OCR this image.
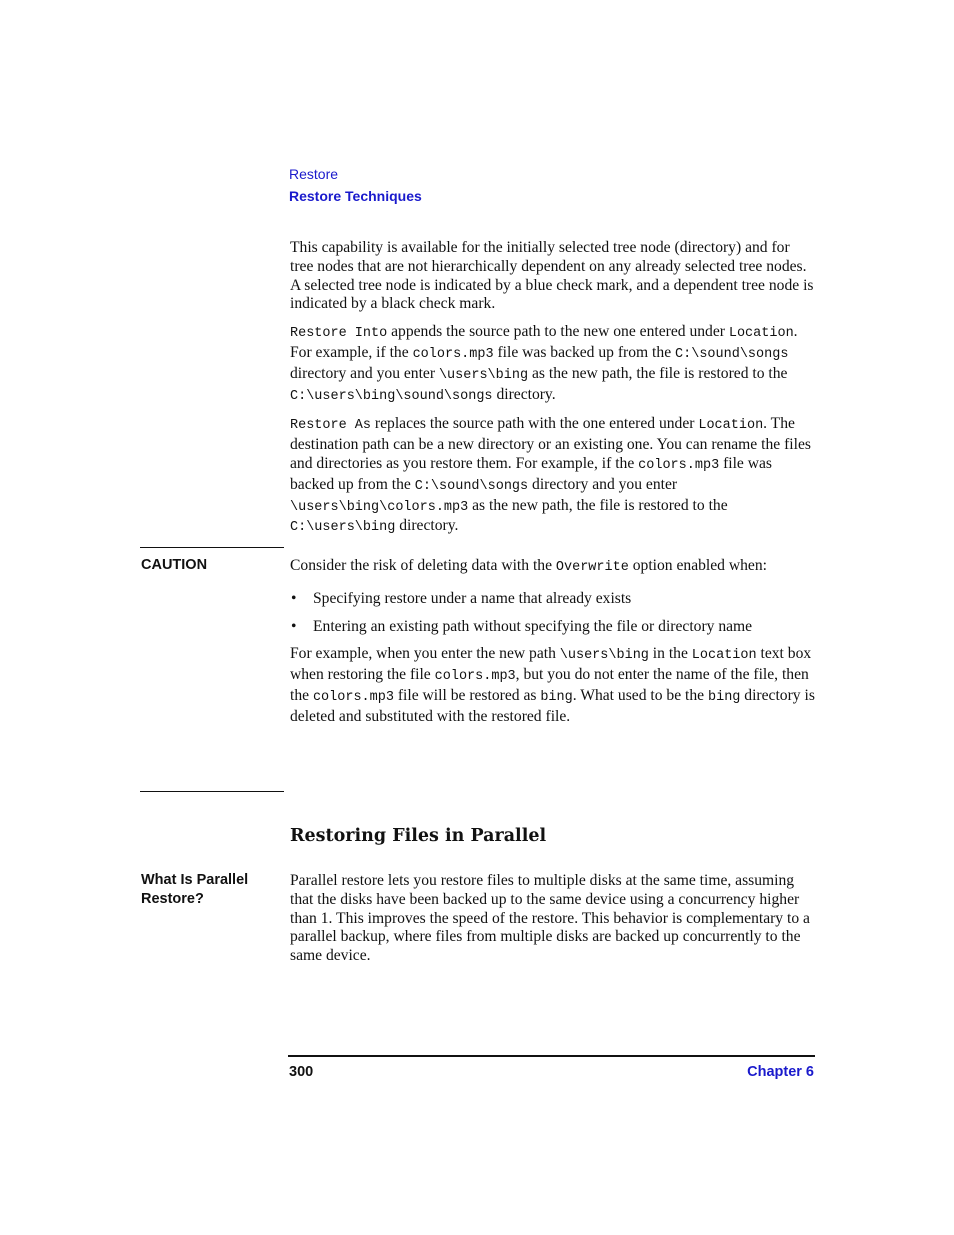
Restore
Restore Techniques

This capability is available for the initially selected tree node (directory) and for tree nodes that are not hierarchically dependent on any already selected tree nodes. A selected tree node is indicated by a blue check mark, and a dependent tree node is indicated by a black check mark.

Restore Into appends the source path to the new one entered under Location. For example, if the colors.mp3 file was backed up from the C:\sound\songs directory and you enter \users\bing as the new path, the file is restored to the C:\users\bing\sound\songs directory.

Restore As replaces the source path with the one entered under Location. The destination path can be a new directory or an existing one. You can rename the files and directories as you restore them. For example, if the colors.mp3 file was backed up from the C:\sound\songs directory and you enter \users\bing\colors.mp3 as the new path, the file is restored to the C:\users\bing directory.

CAUTION	Consider the risk of deleting data with the Overwrite option enabled when:

• Specifying restore under a name that already exists
• Entering an existing path without specifying the file or directory name

For example, when you enter the new path \users\bing in the Location text box when restoring the file colors.mp3, but you do not enter the name of the file, then the colors.mp3 file will be restored as bing. What used to be the bing directory is deleted and substituted with the restored file.

Restoring Files in Parallel
What Is Parallel Restore?

Parallel restore lets you restore files to multiple disks at the same time, assuming that the disks have been backed up to the same device using a concurrency higher than 1. This improves the speed of the restore. This behavior is complementary to a parallel backup, where files from multiple disks are backed up concurrently to the same device.

300	Chapter 6
